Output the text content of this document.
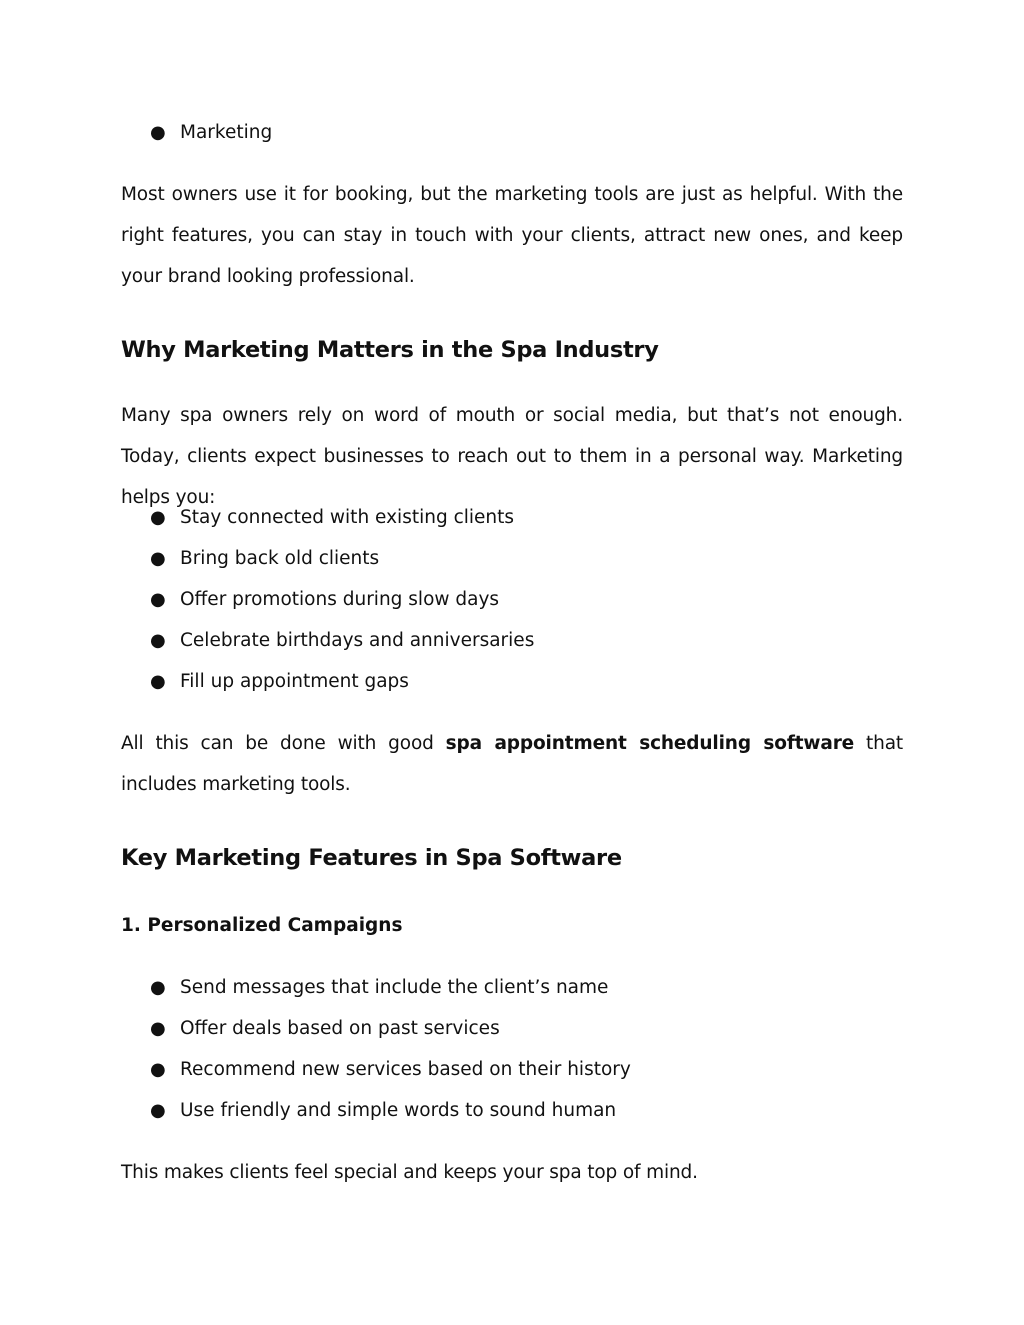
● Marketing

Most owners use it for booking, but the marketing tools are just as helpful. With the right features, you can stay in touch with your clients, attract new ones, and keep your brand looking professional.

Why Marketing Matters in the Spa Industry

Many spa owners rely on word of mouth or social media, but that’s not enough. Today, clients expect businesses to reach out to them in a personal way. Marketing helps you:

● Stay connected with existing clients
● Bring back old clients
● Offer promotions during slow days
● Celebrate birthdays and anniversaries
● Fill up appointment gaps

All this can be done with good spa appointment scheduling software that includes marketing tools.

Key Marketing Features in Spa Software
1. Personalized Campaigns
● Send messages that include the client’s name
● Offer deals based on past services
● Recommend new services based on their history
● Use friendly and simple words to sound human

This makes clients feel special and keeps your spa top of mind.
